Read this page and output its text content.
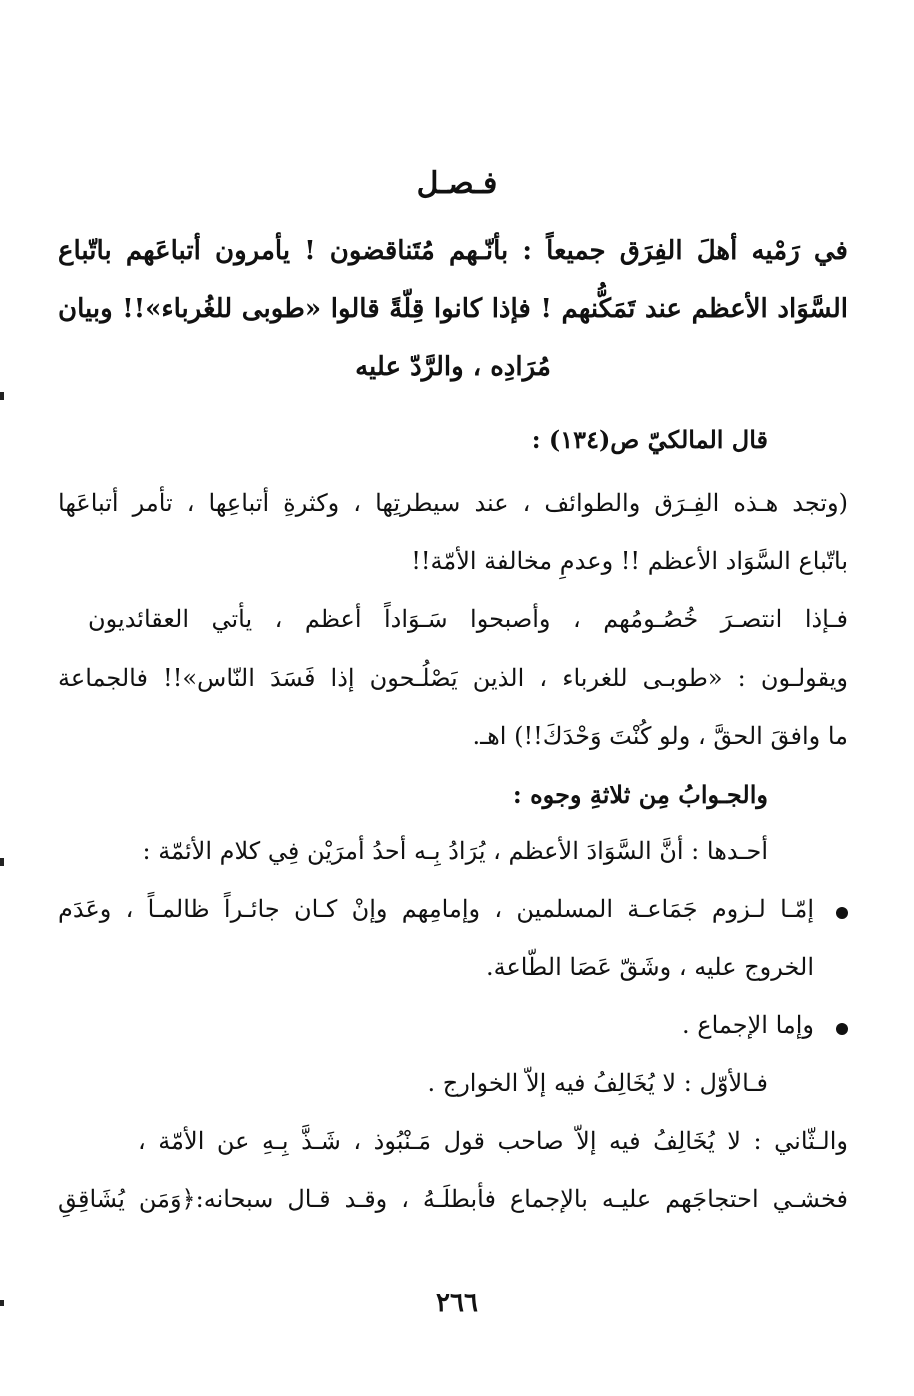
فـصـل
في رَمْيه أهلَ الفِرَق جميعاً : بأنّـهم مُتَناقضون ! يأمرون أتباعَهم باتّباع
السَّوَاد الأعظم عند تَمَكُّنهم ! فإذا كانوا قِلّةً قالوا «طوبى للغُرباء»!! وبيان
مُرَادِه ، والرَّدّ عليه
قال المالكيّ ص(١٣٤) :
(وتجد هـذه الفِـرَق والطوائف ، عند سيطرتِها ، وكثرةِ أتباعِها ، تأمر أتباعَها
باتّباع السَّوَاد الأعظم !! وعدمِ مخالفة الأمّة!!
فـإذا انتصـرَ خُصُـومُهم ، وأصبحوا سَـوَاداً أعظم ، يأتي العقائديون
ويقولـون : «طوبـى للغرباء ، الذين يَصْلُـحون إذا فَسَدَ النّاس»!! فالجماعة
ما وافقَ الحقَّ ، ولو كُنْتَ وَحْدَكَ!!) اهـ.
والجـوابُ مِن ثلاثةِ وجوه :
أحـدها : أنَّ السَّوَادَ الأعظم ، يُرَادُ بِـه أحدُ أمرَيْن فِي كلام الأئمّة :
إمّـا لـزوم جَمَاعـة المسلمين ، وإمامِهم وإنْ كـان جائـراً ظالمـاً ، وعَدَم
الخروج عليه ، وشَقّ عَصَا الطّاعة.
وإما الإجماع .
فـالأوّل : لا يُخَالِفُ فيه إلاّ الخوارج .
والـثّاني : لا يُخَالِفُ فيه إلاّ صاحب قول مَـنْبُوذ ، شَـذَّ بِـهِ عن الأمّة ،
فخشـي احتجاجَهم عليـه بالإجماع فأبطلَـهُ ، وقـد قـال سبحانه:﴿وَمَن يُشَاقِقِ
٢٦٦
